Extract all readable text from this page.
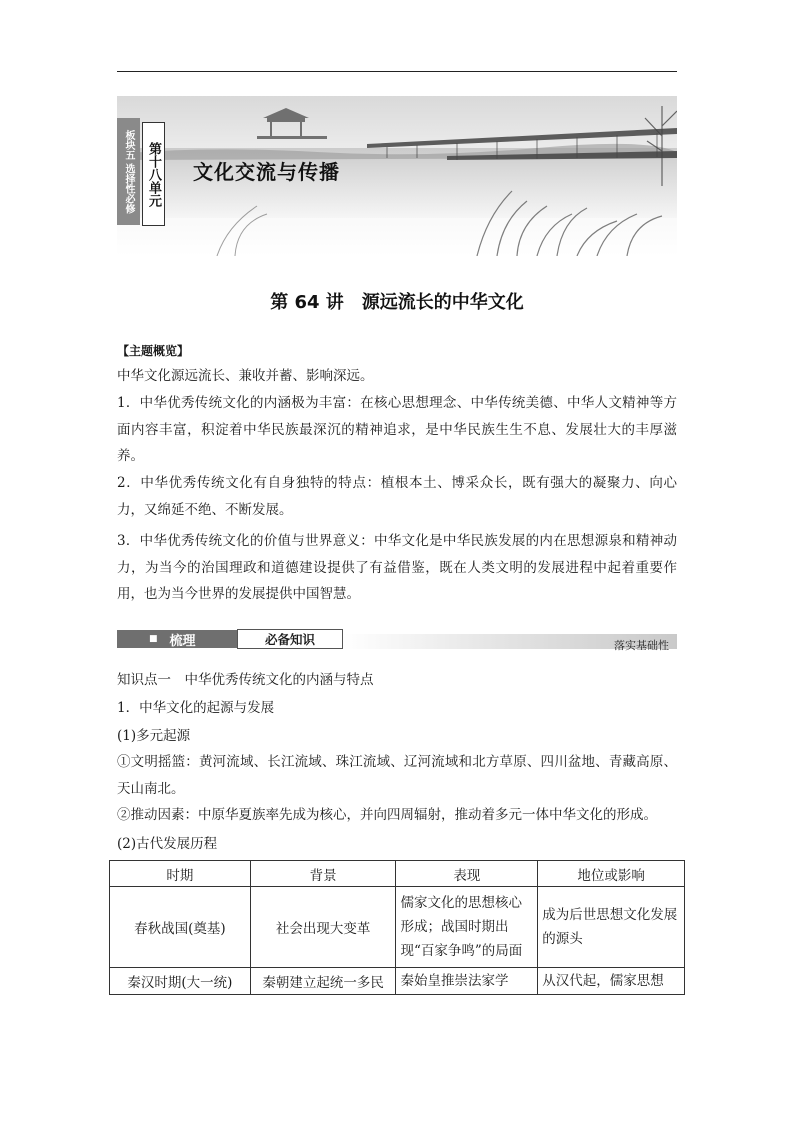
板块五 选择性必修 第十八单元 文化交流与传播
第 64 讲　源远流长的中华文化
【主题概览】
中华文化源远流长、兼收并蓄、影响深远。
1．中华优秀传统文化的内涵极为丰富：在核心思想理念、中华传统美德、中华人文精神等方面内容丰富，积淀着中华民族最深沉的精神追求，是中华民族生生不息、发展壮大的丰厚滋养。
2．中华优秀传统文化有自身独特的特点：植根本土、博采众长，既有强大的凝聚力、向心力，又绵延不绝、不断发展。
3．中华优秀传统文化的价值与世界意义：中华文化是中华民族发展的内在思想源泉和精神动力，为当今的治国理政和道德建设提供了有益借鉴，既在人类文明的发展进程中起着重要作用，也为当今世界的发展提供中国智慧。
■ 梳理	必备知识	落实基础性
知识点一　中华优秀传统文化的内涵与特点
1．中华文化的起源与发展
(1)多元起源
①文明摇篮：黄河流域、长江流域、珠江流域、辽河流域和北方草原、四川盆地、青藏高原、天山南北。
②推动因素：中原华夏族率先成为核心，并向四周辐射，推动着多元一体中华文化的形成。
(2)古代发展历程
时期	背景	表现	地位或影响
春秋战国(奠基)	社会出现大变革	儒家文化的思想核心形成；战国时期出现“百家争鸣”的局面	成为后世思想文化发展的源头
秦汉时期(大一统)	秦朝建立起统一多民	秦始皇推崇法家学	从汉代起，儒家思想
